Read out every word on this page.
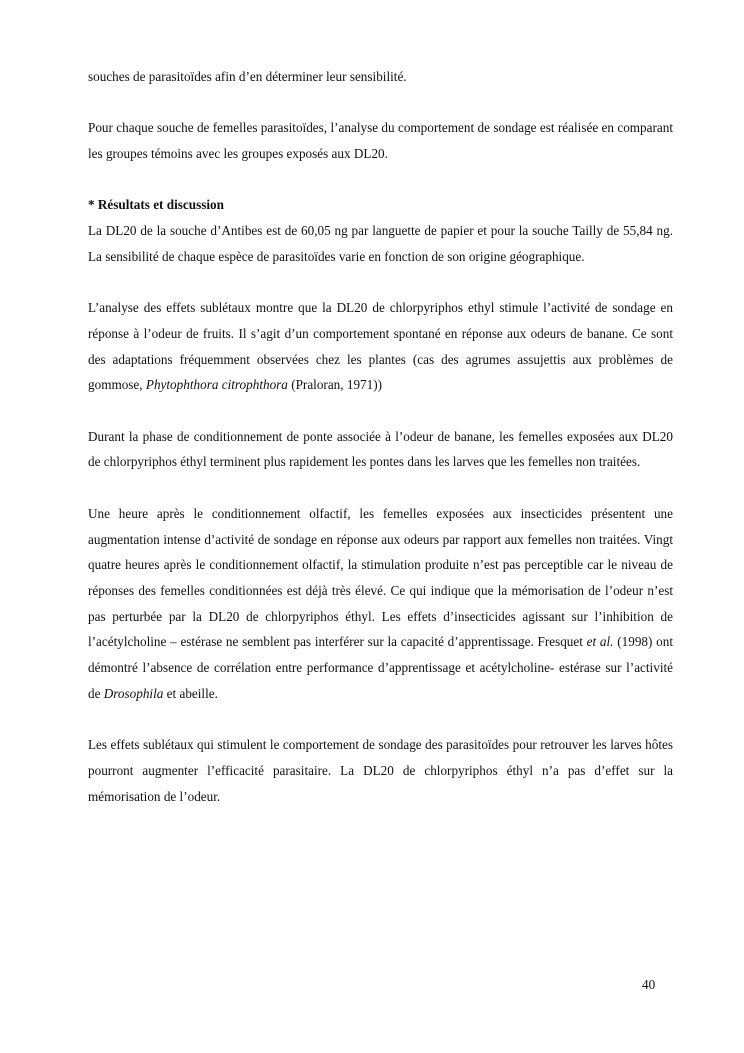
souches de parasitoïdes afin d’en déterminer leur sensibilité.

Pour chaque souche de femelles parasitoïdes, l’analyse du comportement de sondage est réalisée en comparant les groupes témoins avec les groupes exposés aux DL20.

* Résultats et discussion

La DL20 de la souche d’Antibes est de 60,05 ng par languette de papier et pour la souche Tailly de 55,84 ng. La sensibilité de chaque espèce de parasitoïdes varie en fonction de son origine géographique.

L’analyse des effets sublétaux montre que la DL20 de chlorpyriphos ethyl stimule l’activité de sondage en réponse à l’odeur de fruits. Il s’agit d’un comportement spontané en réponse aux odeurs de banane. Ce sont des adaptations fréquemment observées chez les plantes (cas des agrumes assujettis aux problèmes de gommose, Phytophthora citrophthora (Praloran, 1971))

Durant la phase de conditionnement de ponte associée à l’odeur de banane, les femelles exposées aux DL20 de chlorpyriphos éthyl terminent plus rapidement les pontes dans les larves que les femelles non traitées.

Une heure après le conditionnement olfactif, les femelles exposées aux insecticides présentent une augmentation intense d’activité de sondage en réponse aux odeurs par rapport aux femelles non traitées. Vingt quatre heures après le conditionnement olfactif, la stimulation produite n’est pas perceptible car le niveau de réponses des femelles conditionnées est déjà très élevé. Ce qui indique que la mémorisation de l’odeur n’est pas perturbée par la DL20 de chlorpyriphos éthyl. Les effets d’insecticides agissant sur l’inhibition de l’acétylcholine – estérase ne semblent pas interférer sur la capacité d’apprentissage. Fresquet et al. (1998) ont démontré l’absence de corrélation entre performance d’apprentissage et acétylcholine- estérase sur l’activité de Drosophila et abeille.

Les effets sublétaux qui stimulent le comportement de sondage des parasitoïdes pour retrouver les larves hôtes pourront augmenter l’efficacité parasitaire. La DL20 de chlorpyriphos éthyl n’a pas d’effet sur la mémorisation de l’odeur.

40
